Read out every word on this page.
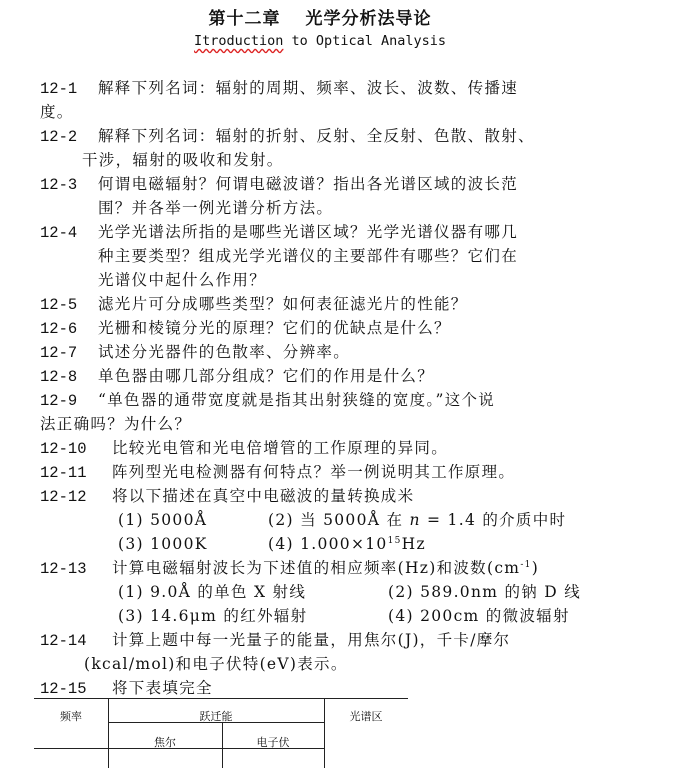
第十二章　 光学分析法导论
Itroduction to Optical Analysis
12-1 解释下列名词：辐射的周期、频率、波长、波数、传播速
度。
12-2 解释下列名词：辐射的折射、反射、全反射、色散、散射、
干涉，辐射的吸收和发射。
12-3 何谓电磁辐射？何谓电磁波谱？指出各光谱区域的波长范
围？并各举一例光谱分析方法。
12-4 光学光谱法所指的是哪些光谱区域？光学光谱仪器有哪几
种主要类型？组成光学光谱仪的主要部件有哪些？它们在
光谱仪中起什么作用？
12-5 滤光片可分成哪些类型？如何表征滤光片的性能？
12-6 光栅和棱镜分光的原理？它们的优缺点是什么？
12-7 试述分光器件的色散率、分辨率。
12-8 单色器由哪几部分组成？它们的作用是什么？
12-9 “单色器的通带宽度就是指其出射狭缝的宽度。”这个说
法正确吗？为什么？
12-10 比较光电管和光电倍增管的工作原理的异同。
12-11 阵列型光电检测器有何特点？举一例说明其工作原理。
12-12 将以下描述在真空中电磁波的量转换成米
(1) 5000Å	(2) 当 5000Å 在 n = 1.4 的介质中时
(3) 1000K	(4) $1.000\times 10^{15}Hz$
12-13 计算电磁辐射波长为下述值的相应频率(Hz)和波数$(cm^{-1})$
(1) 9.0Å 的单色 X 射线	(2) 589.0nm 的钠 D 线
(3) 14.6μm 的红外辐射	(4) 200cm 的微波辐射
12-14 计算上题中每一光量子的能量，用焦尔(J)，千卡/摩尔
(kcal/mol)和电子伏特(eV)表示。
12-15 将下表填完全
频率	跃迁能	光谱区
焦尔	电子伏
